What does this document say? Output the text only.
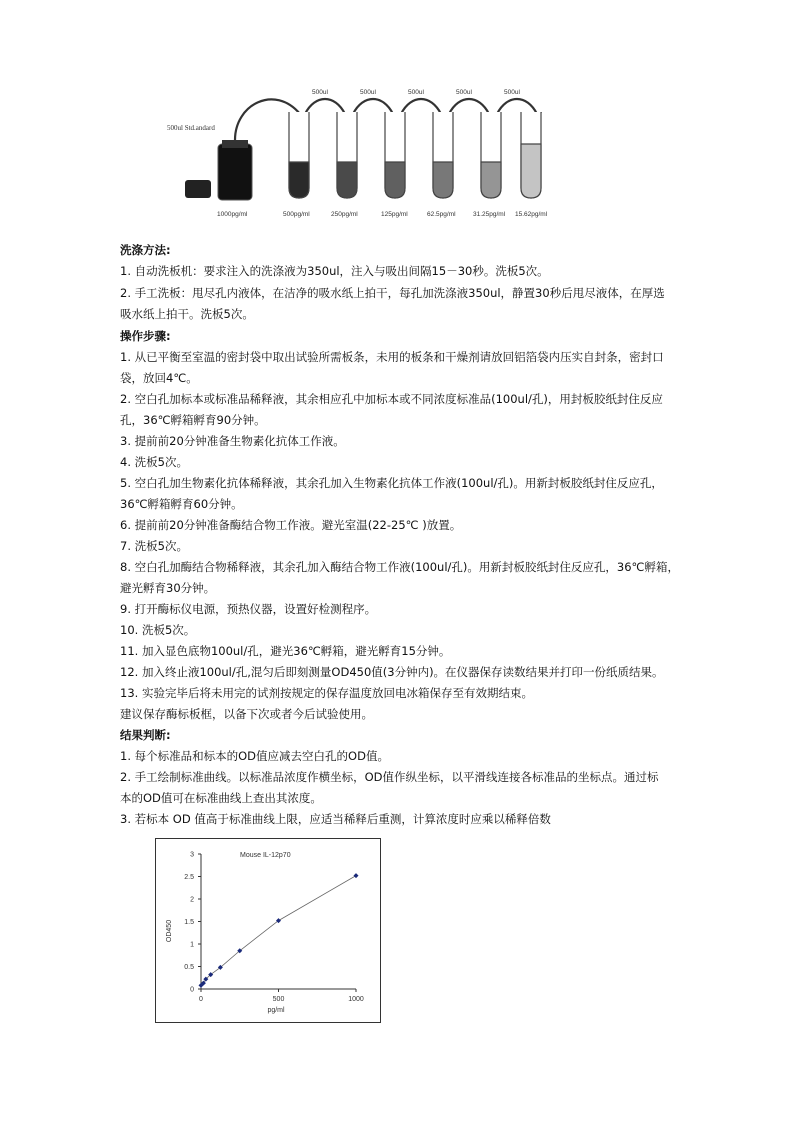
500ul Std.andard
500ul	500ul	500ul	500ul	500ul
1000pg/ml	500pg/ml	250pg/ml	125pg/ml	62.5pg/ml	31.25pg/ml 15.62pg/ml
洗涤方法:
1. 自动洗板机：要求注入的洗涤液为350ul，注入与吸出间隔15－30秒。洗板5次。
2. 手工洗板：甩尽孔内液体，在洁净的吸水纸上拍干，每孔加洗涤液350ul，静置30秒后甩尽液体，在厚选
吸水纸上拍干。洗板5次。
操作步骤:
1. 从已平衡至室温的密封袋中取出试验所需板条，未用的板条和干燥剂请放回铝箔袋内压实自封条，密封口
袋，放回4℃。
2. 空白孔加标本或标准品稀释液，其余相应孔中加标本或不同浓度标准品(100ul/孔)，用封板胶纸封住反应
孔，36℃孵箱孵育90分钟。
3. 提前前20分钟准备生物素化抗体工作液。
4. 洗板5次。
5. 空白孔加生物素化抗体稀释液，其余孔加入生物素化抗体工作液(100ul/孔)。用新封板胶纸封住反应孔，
36℃孵箱孵育60分钟。
6. 提前前20分钟准备酶结合物工作液。避光室温(22-25℃ )放置。
7. 洗板5次。
8. 空白孔加酶结合物稀释液，其余孔加入酶结合物工作液(100ul/孔)。用新封板胶纸封住反应孔，36℃孵箱，
避光孵育30分钟。
9. 打开酶标仪电源，预热仪器，设置好检测程序。
10. 洗板5次。
11. 加入显色底物100ul/孔，避光36℃孵箱，避光孵育15分钟。
12. 加入终止液100ul/孔,混匀后即刻测量OD450值(3分钟内)。在仪器保存读数结果并打印一份纸质结果。
13. 实验完毕后将未用完的试剂按规定的保存温度放回电冰箱保存至有效期结束。
建议保存酶标板框，以备下次或者今后试验使用。
结果判断:
1. 每个标准品和标本的OD值应减去空白孔的OD值。
2. 手工绘制标准曲线。以标准品浓度作横坐标，OD值作纵坐标，以平滑线连接各标准品的坐标点。通过标
本的OD值可在标准曲线上查出其浓度。
3. 若标本 OD 值高于标准曲线上限，应适当稀释后重测，计算浓度时应乘以稀释倍数
Mouse IL-12p70
OD450
pg/ml
0
0.5
1
1.5
2
2.5
3
0	500	1000
